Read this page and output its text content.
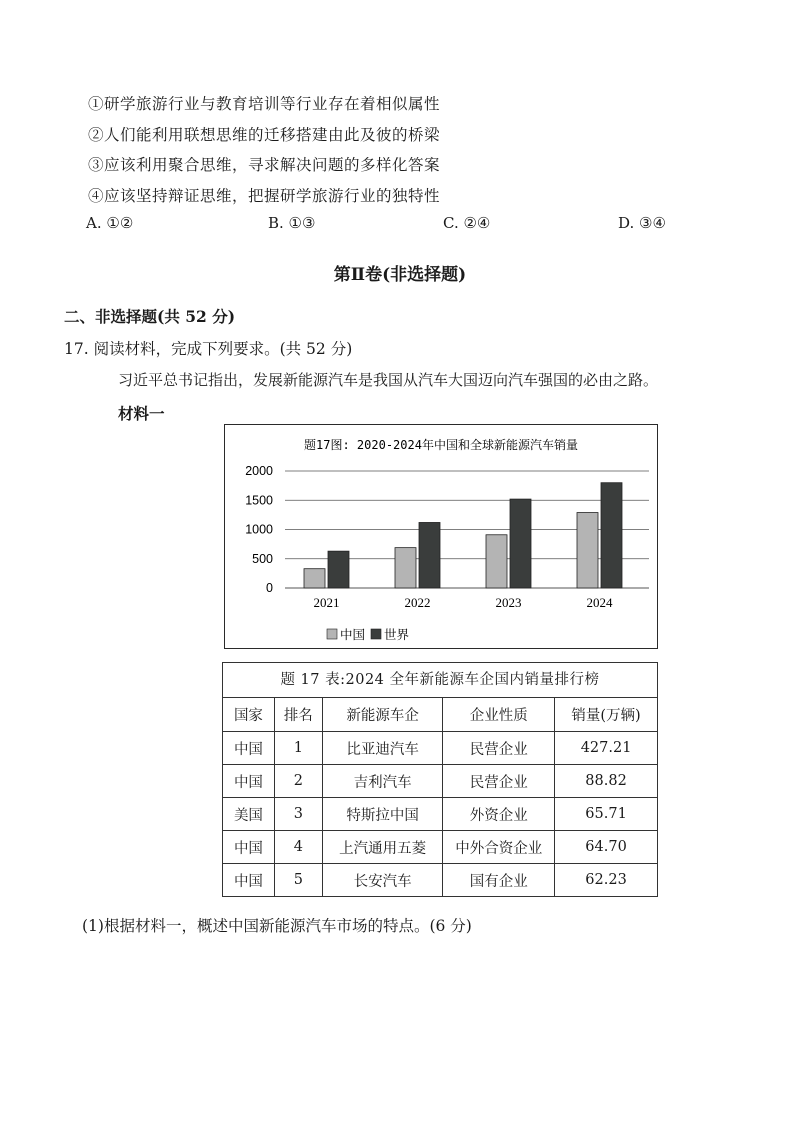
①研学旅游行业与教育培训等行业存在着相似属性
②人们能利用联想思维的迁移搭建由此及彼的桥梁
③应该利用聚合思维，寻求解决问题的多样化答案
④应该坚持辩证思维，把握研学旅游行业的独特性
A. ①②	B. ①③	C. ②④	D. ③④
第Ⅱ卷(非选择题)
二、非选择题(共 52 分)
17. 阅读材料，完成下列要求。(共 52 分)
习近平总书记指出，发展新能源汽车是我国从汽车大国迈向汽车强国的必由之路。
材料一
题17图: 2020-2024年中国和全球新能源汽车销量
0
500
1000
1500
2000
2021	2022	2023	2024
中国 世界
题 17 表:2024 全年新能源车企国内销量排行榜
国家	排名	新能源车企	企业性质	销量(万辆)
中国	1	比亚迪汽车	民营企业	427.21
中国	2	吉利汽车	民营企业	88.82
美国	3	特斯拉中国	外资企业	65.71
中国	4	上汽通用五菱	中外合资企业	64.70
中国	5	长安汽车	国有企业	62.23
(1)根据材料一，概述中国新能源汽车市场的特点。(6 分)
